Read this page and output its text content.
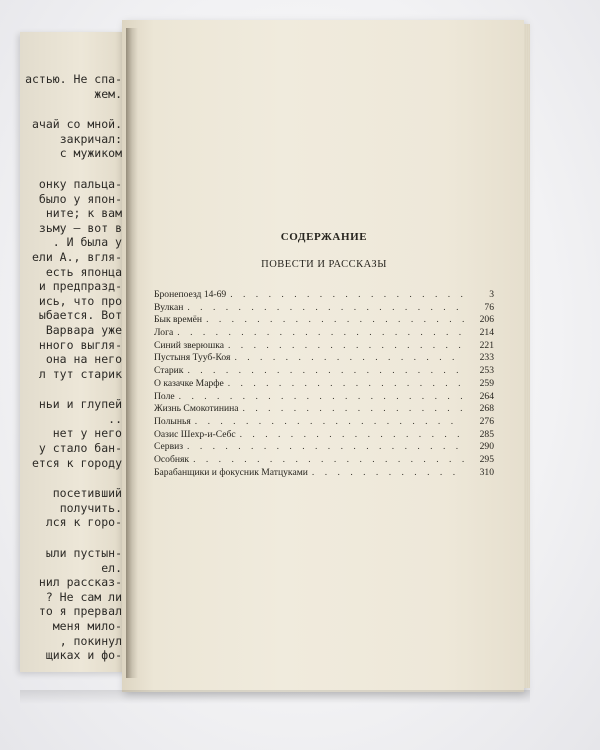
астью. Не спа-
жем.
ачай со мной.
закричал:
с мужиком
онку пальца-
было у япон-
ните; к вам
зьму — вот в
. И была у
ели А., вгля-
есть японца
и предпразд-
ись, что про
ыбается. Вот
Варвара уже
нного выгля-
она на него
л тут старик
ньи и глупей
..
нет у него
у стало бан-
ется к городу
посетивший
получить.
лся к горо-
ыли пустын-
ел.
нил рассказ-
? Не сам ли
то я прервал
меня мило-
, покинул
щиках и фо-
СОДЕРЖАНИЕ
ПОВЕСТИ И РАССКАЗЫ
Бронепоезд 14-69 . . .	3
Вулкан . . .	76
Бык времён . . .	206
Лога . . .	214
Синий зверюшка . . .	221
Пустыня Тууб-Коя . . .	233
Старик . . .	253
О казачке Марфе . . .	259
Поле . . .	264
Жизнь Смокотинина . . .	268
Полынья . . .	276
Оазис Шехр-и-Себс . . .	285
Сервиз . . .	290
Особняк . . .	295
Барабанщики и фокусник Матцуками . . .	310
